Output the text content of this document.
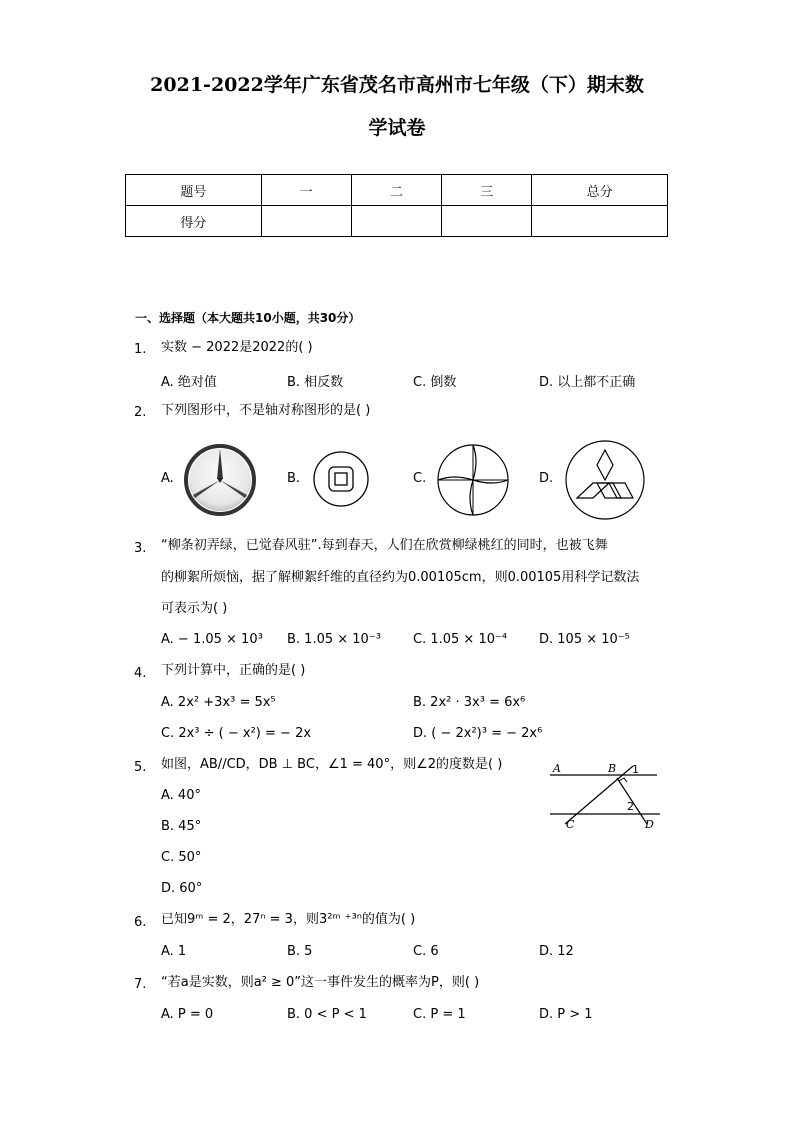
2021-2022学年广东省茂名市高州市七年级（下）期末数
学试卷
题号	一	二	三	总分
得分				
一、选择题（本大题共10小题，共30分）
1. 实数 − 2022是2022的( )
A. 绝对值	B. 相反数	C. 倒数	D. 以上都不正确
2. 下列图形中，不是轴对称图形的是( )
A.	B.	C.	D.
3. “柳条初弄绿，已觉春风驻”.每到春天，人们在欣赏柳绿桃红的同时，也被飞舞
的柳絮所烦恼，据了解柳絮纤维的直径约为0.00105cm，则0.00105用科学记数法
可表示为( )
A. − 1.05 × 10³ B. 1.05 × 10⁻³ C. 1.05 × 10⁻⁴ D. 105 × 10⁻⁵
4. 下列计算中，正确的是( )
A. 2x² +3x³ = 5x⁵	B. 2x² · 3x³ = 6x⁶
C. 2x³ ÷ ( − x²) = − 2x	D. ( − 2x²)³ = − 2x⁶
5. 如图，AB//CD，DB ⊥ BC，∠1 = 40°，则∠2的度数是( )
A. 40°
B. 45°
C. 50°
D. 60°
A	B 1
2
C	D
6. 已知9ᵐ = 2，27ⁿ = 3，则3²ᵐ ⁺³ⁿ的值为( )
A. 1	B. 5	C. 6	D. 12
7. “若a是实数，则a² ≥ 0”这一事件发生的概率为P，则( )
A. P = 0	B. 0 < P < 1	C. P = 1	D. P > 1
